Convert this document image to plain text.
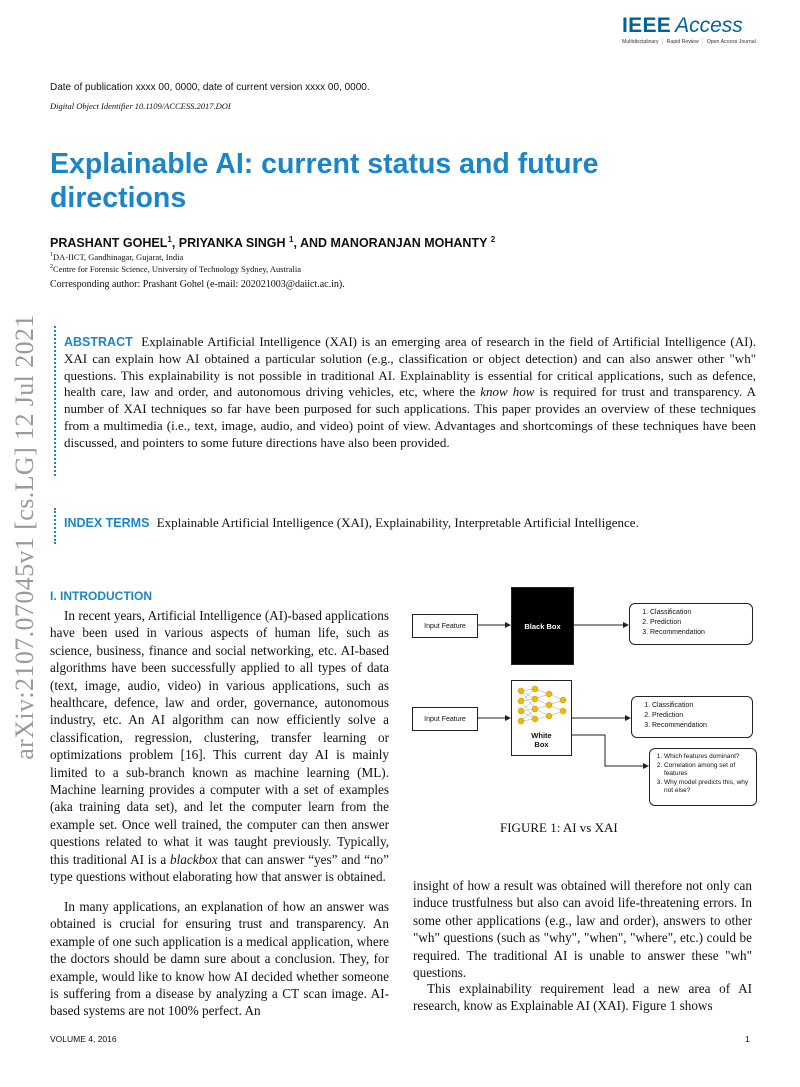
IEEE Access
Multidisciplinary ⋮ Rapid Review ⋮ Open Access Journal
Date of publication xxxx 00, 0000, date of current version xxxx 00, 0000.
Digital Object Identifier 10.1109/ACCESS.2017.DOI
Explainable AI: current status and future directions
PRASHANT GOHEL$^1$, PRIYANKA SINGH $^1$, AND MANORANJAN MOHANTY $^2$
$^1$DA-IICT, Gandhinagar, Gujarat, India
$^2$Centre for Forensic Science, University of Technology Sydney, Australia
Corresponding author: Prashant Gohel (e-mail: 202021003@daiict.ac.in).
arXiv:2107.07045v1 [cs.LG] 12 Jul 2021 ABSTRACT Explainable Artificial Intelligence (XAI) is an emerging area of research in the field of Artificial Intelligence (AI). XAI can explain how AI obtained a particular solution (e.g., classification or object detection) and can also answer other "wh" questions. This explainability is not possible in traditional AI. Explainablity is essential for critical applications, such as defence, health care, law and order, and autonomous driving vehicles, etc, where the know how is required for trust and transparency. A number of XAI techniques so far have been purposed for such applications. This paper provides an overview of these techniques from a multimedia (i.e., text, image, audio, and video) point of view. Advantages and shortcomings of these techniques have been discussed, and pointers to some future directions have also been provided.
INDEX TERMS Explainable Artificial Intelligence (XAI), Explainability, Interpretable Artificial Intelligence.
I. INTRODUCTION

In recent years, Artificial Intelligence (AI)-based applications have been used in various aspects of human life, such as science, business, finance and social networking, etc. AI-based algorithms have been successfully applied to all types of data (text, image, audio, video) in various applications, such as healthcare, defence, law and order, governance, autonomous industry, etc. An AI algorithm can now efficiently solve a classification, regression, clustering, transfer learning or optimizations problem [16]. This current day AI is mainly limited to a sub-branch known as machine learning (ML). Machine learning provides a computer with a set of examples (aka training data set), and let the computer learn from the example set. Once well trained, the computer can then answer questions related to what it was taught previously. Typically, this traditional AI is a blackbox that can answer “yes” and “no” type questions without elaborating how that answer is obtained.

In many applications, an explanation of how an answer was obtained is crucial for ensuring trust and transparency. An example of one such application is a medical application, where the doctors should be damn sure about a conclusion. They, for example, would like to know how AI decided whether someone is suffering from a disease by analyzing a CT scan image. AI-based systems are not 100% perfect. An

insight of how a result was obtained will therefore not only can induce trustfulness but also can avoid life-threatening errors. In some other applications (e.g., law and order), answers to other "wh" questions (such as "why", "when", "where", etc.) could be required. The traditional AI is unable to answer these "wh" questions.

This explainability requirement lead a new area of AI research, know as Explainable AI (XAI). Figure 1 shows

Input Feature	Black Box
1. Classification
2. Prediction
3. Recommendation
Input Feature
White Box
1. Classification
2. Prediction
3. Recommendation
1. Which features dominant?
2. Correlation among set of features
3. Why model predicts this, why not else?
FIGURE 1: AI vs XAI
VOLUME 4, 2016	1
